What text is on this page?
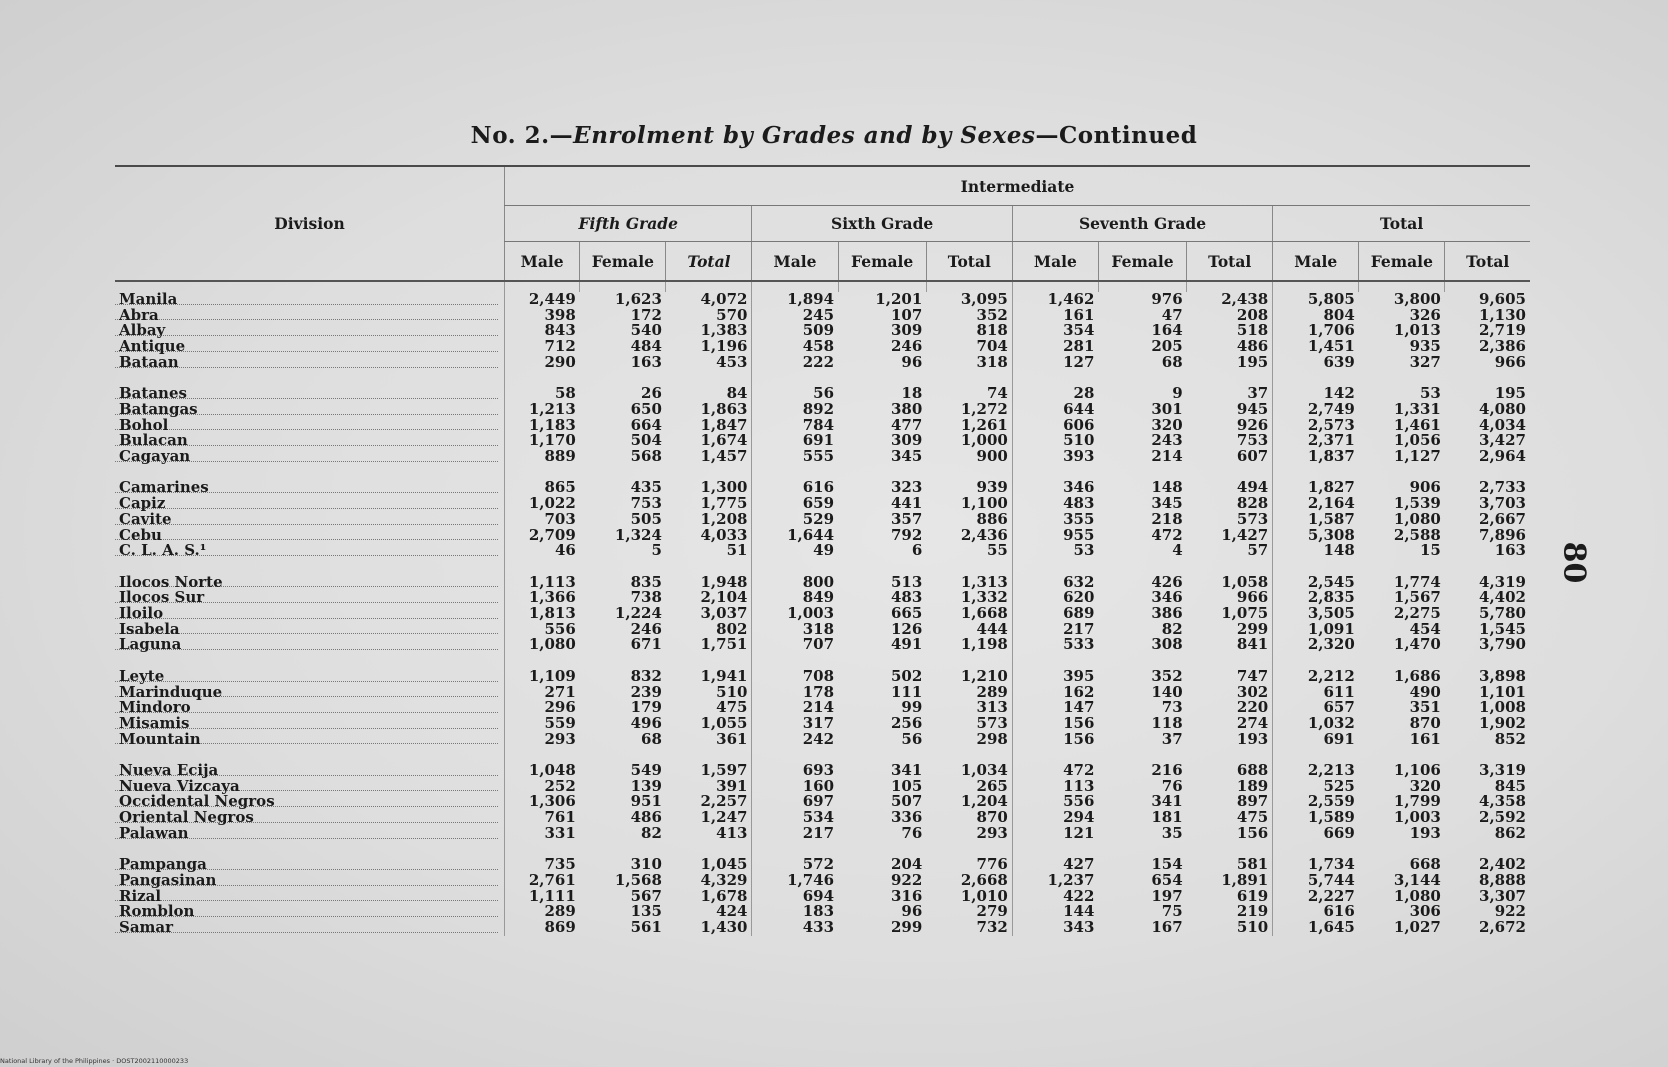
No. 2.—Enrolment by Grades and by Sexes—Continued
80
Division	Intermediate											
	Fifth Grade			Sixth Grade			Seventh Grade			Total		
	Male	Female	Total	Male	Female	Total	Male	Female	Total	Male	Female	Total

Manila	2,449	1,623	4,072	1,894	1,201	3,095	1,462	976	2,438	5,805	3,800	9,605

Abra	398	172	570	245	107	352	161	47	208	804	326	1,130

Albay	843	540	1,383	509	309	818	354	164	518	1,706	1,013	2,719

Antique	712	484	1,196	458	246	704	281	205	486	1,451	935	2,386

Bataan	290	163	453	222	96	318	127	68	195	639	327	966

Batanes	58	26	84	56	18	74	28	9	37	142	53	195

Batangas	1,213	650	1,863	892	380	1,272	644	301	945	2,749	1,331	4,080

Bohol	1,183	664	1,847	784	477	1,261	606	320	926	2,573	1,461	4,034

Bulacan	1,170	504	1,674	691	309	1,000	510	243	753	2,371	1,056	3,427

Cagayan	889	568	1,457	555	345	900	393	214	607	1,837	1,127	2,964

Camarines	865	435	1,300	616	323	939	346	148	494	1,827	906	2,733

Capiz	1,022	753	1,775	659	441	1,100	483	345	828	2,164	1,539	3,703

Cavite	703	505	1,208	529	357	886	355	218	573	1,587	1,080	2,667

Cebu	2,709	1,324	4,033	1,644	792	2,436	955	472	1,427	5,308	2,588	7,896

C. L. A. S.¹	46	5	51	49	6	55	53	4	57	148	15	163

Ilocos Norte	1,113	835	1,948	800	513	1,313	632	426	1,058	2,545	1,774	4,319

Ilocos Sur	1,366	738	2,104	849	483	1,332	620	346	966	2,835	1,567	4,402

Iloilo	1,813	1,224	3,037	1,003	665	1,668	689	386	1,075	3,505	2,275	5,780

Isabela	556	246	802	318	126	444	217	82	299	1,091	454	1,545

Laguna	1,080	671	1,751	707	491	1,198	533	308	841	2,320	1,470	3,790

Leyte	1,109	832	1,941	708	502	1,210	395	352	747	2,212	1,686	3,898

Marinduque	271	239	510	178	111	289	162	140	302	611	490	1,101

Mindoro	296	179	475	214	99	313	147	73	220	657	351	1,008

Misamis	559	496	1,055	317	256	573	156	118	274	1,032	870	1,902

Mountain	293	68	361	242	56	298	156	37	193	691	161	852

Nueva Ecija	1,048	549	1,597	693	341	1,034	472	216	688	2,213	1,106	3,319

Nueva Vizcaya	252	139	391	160	105	265	113	76	189	525	320	845

Occidental Negros	1,306	951	2,257	697	507	1,204	556	341	897	2,559	1,799	4,358

Oriental Negros	761	486	1,247	534	336	870	294	181	475	1,589	1,003	2,592

Palawan	331	82	413	217	76	293	121	35	156	669	193	862

Pampanga	735	310	1,045	572	204	776	427	154	581	1,734	668	2,402

Pangasinan	2,761	1,568	4,329	1,746	922	2,668	1,237	654	1,891	5,744	3,144	8,888

Rizal	1,111	567	1,678	694	316	1,010	422	197	619	2,227	1,080	3,307

Romblon	289	135	424	183	96	279	144	75	219	616	306	922

Samar	869	561	1,430	433	299	732	343	167	510	1,645	1,027	2,672
National Library of the Philippines · DOST2002110000233
